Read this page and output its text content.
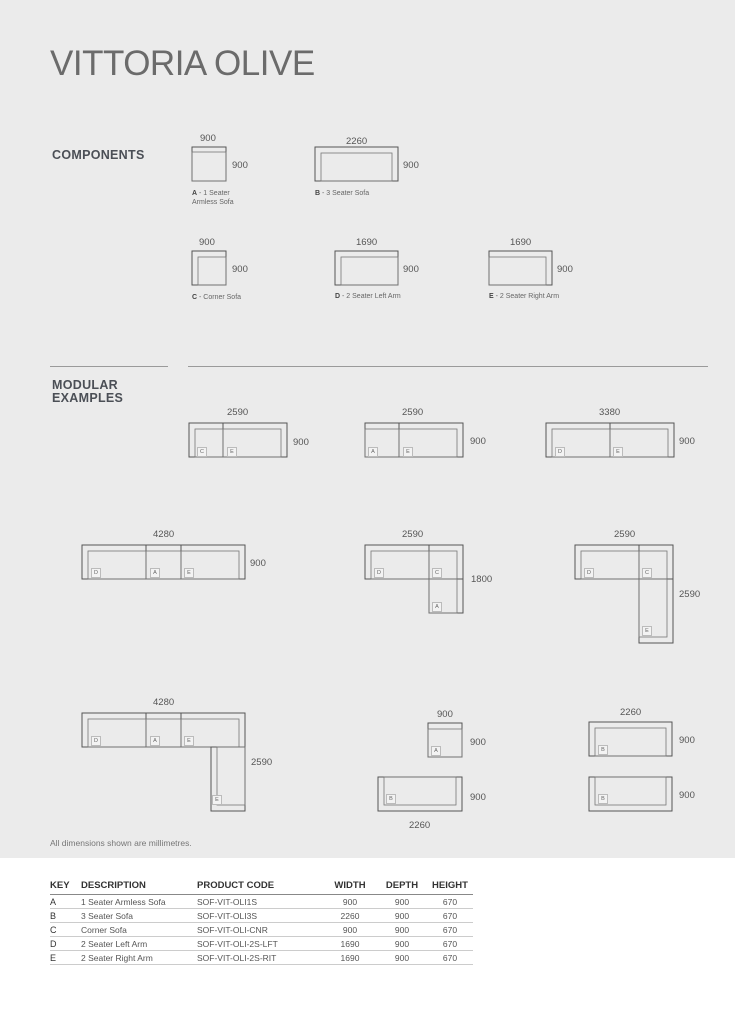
VITTORIA OLIVE
COMPONENTS
MODULAR
EXAMPLES
900
900
A - 1 Seater
Armless Sofa
2260
900
B - 3 Seater Sofa
900
900
C - Corner Sofa
1690
900
D - 2 Seater Left Arm
1690
900
E - 2 Seater Right Arm
2590
900
2590
900
3380
900
4280
900
2590
1800
2590
2590
4280
2590
900
900
900
2260
2260
900
900
C	E	A	E	D	E
D	A	E	D	C
A
D	C
E
D	A	E
E
A
B
B
B
All dimensions shown are millimetres.
KEY	DESCRIPTION	PRODUCT CODE	WIDTH	DEPTH	HEIGHT
A	1 Seater Armless Sofa	SOF-VIT-OLI1S	900	900	670
B	3 Seater Sofa	SOF-VIT-OLI3S	2260	900	670
C	Corner Sofa	SOF-VIT-OLI-CNR	900	900	670
D	2 Seater Left Arm	SOF-VIT-OLI-2S-LFT	1690	900	670
E	2 Seater Right Arm	SOF-VIT-OLI-2S-RIT	1690	900	670
